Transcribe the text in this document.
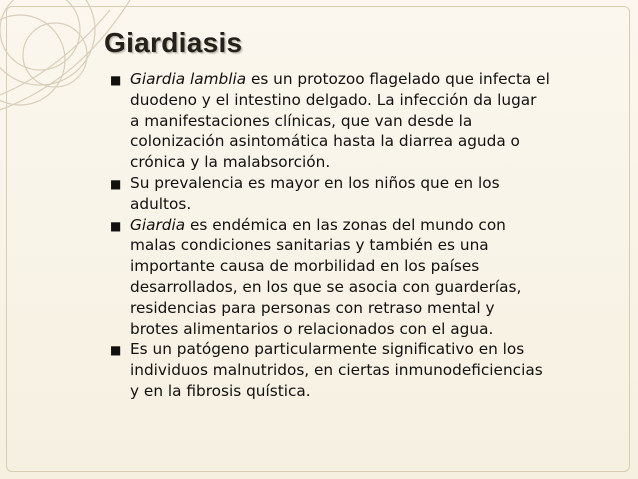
Giardiasis
■ Giardia lamblia es un protozoo flagelado que infecta el
duodeno y el intestino delgado. La infección da lugar
a manifestaciones clínicas, que van desde la
colonización asintomática hasta la diarrea aguda o
crónica y la malabsorción.
■ Su prevalencia es mayor en los niños que en los
adultos.
■ Giardia es endémica en las zonas del mundo con
malas condiciones sanitarias y también es una
importante causa de morbilidad en los países
desarrollados, en los que se asocia con guarderías,
residencias para personas con retraso mental y
brotes alimentarios o relacionados con el agua.
■ Es un patógeno particularmente significativo en los
individuos malnutridos, en ciertas inmunodeficiencias
y en la fibrosis quística.
